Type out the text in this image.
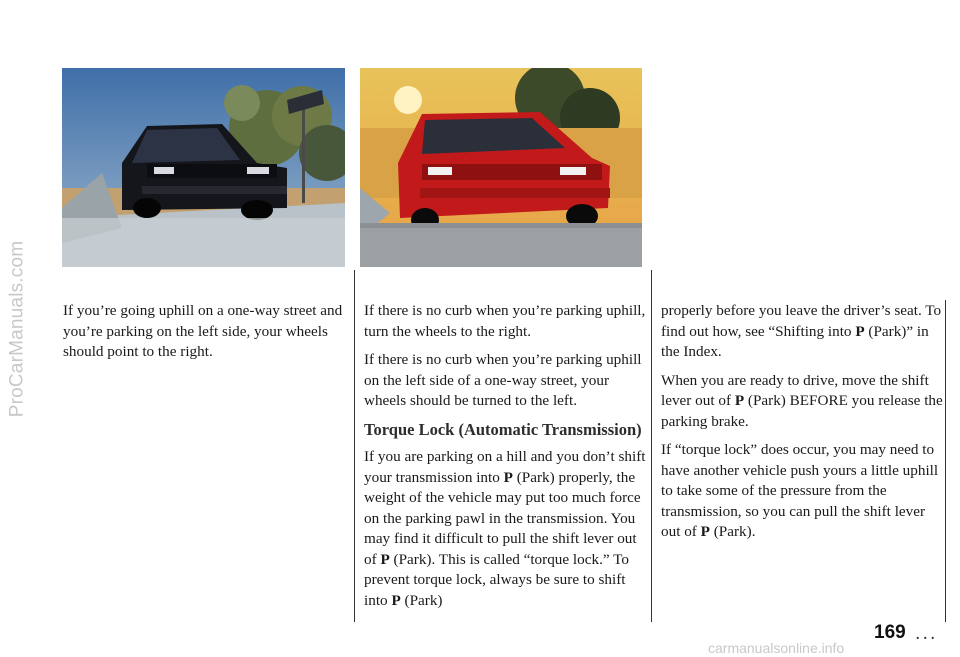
ProCarManuals.com If you’re going uphill on a one-way street and you’re parking on the left side, your wheels should point to the right.

If there is no curb when you’re parking uphill, turn the wheels to the right.

If there is no curb when you’re parking uphill on the left side of a one-way street, your wheels should be turned to the left.

Torque Lock (Automatic Transmission)

If you are parking on a hill and you don’t shift your transmission into P (Park) properly, the weight of the vehicle may put too much force on the parking pawl in the transmission. You may find it difficult to pull the shift lever out of P (Park). This is called “torque lock.” To prevent torque lock, always be sure to shift into P (Park)

properly before you leave the driver’s seat. To find out how, see “Shifting into P (Park)” in the Index.

When you are ready to drive, move the shift lever out of P (Park) BEFORE you release the parking brake.

If “torque lock” does occur, you may need to have another vehicle push yours a little uphill to take some of the pressure from the transmission, so you can pull the shift lever out of P (Park).

169 ...
carmanualsonline.info
